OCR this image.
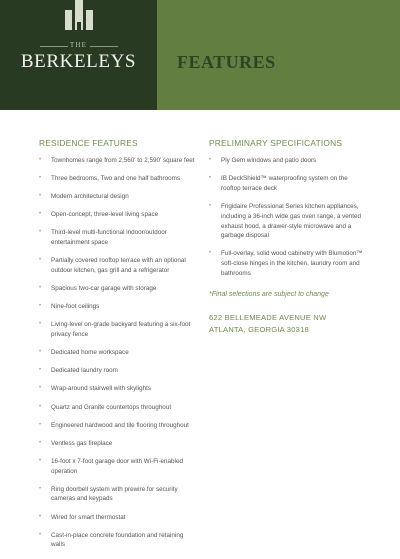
THE
BERKELEYS	FEATURES
RESIDENCE FEATURES
• Townhomes range from 2,560' to 2,590' square feet
• Three bedrooms, Two and one half bathrooms
• Modern architectural design
• Open-concept, three-level living space
• Third-level multi-functional indoor/outdoor entertainment space
• Partially covered rooftop terrace with an optional outdoor kitchen, gas grill and a refrigerator
• Spacious two-car garage with storage
• Nine-foot ceilings
• Living-level on-grade backyard featuring a six-foot privacy fence
• Dedicated home workspace
• Dedicated laundry room
• Wrap-around stairwell with skylights
• Quartz and Granite countertops throughout
• Engineered hardwood and tile flooring throughout
• Ventless gas fireplace
• 16-foot x 7-foot garage door with Wi-Fi-enabled operation
• Ring doorbell system with prewire for security cameras and keypads
• Wired for smart thermostat
• Cast-in-place concrete foundation and retaining walls
PRELIMINARY SPECIFICATIONS
• Ply Gem windows and patio doors
• IB DeckShield™ waterproofing system on the rooftop terrace deck
• Frigidaire Professional Series kitchen appliances, including a 36-inch wide gas oven range, a vented exhaust hood, a drawer-style microwave and a garbage disposal
• Full-overlay, solid wood cabinetry with Blumotion™ soft-close hinges in the kitchen, laundry room and bathrooms
*Final selections are subject to change
622 BELLEMEADE AVENUE NW
ATLANTA, GEORGIA 30318
